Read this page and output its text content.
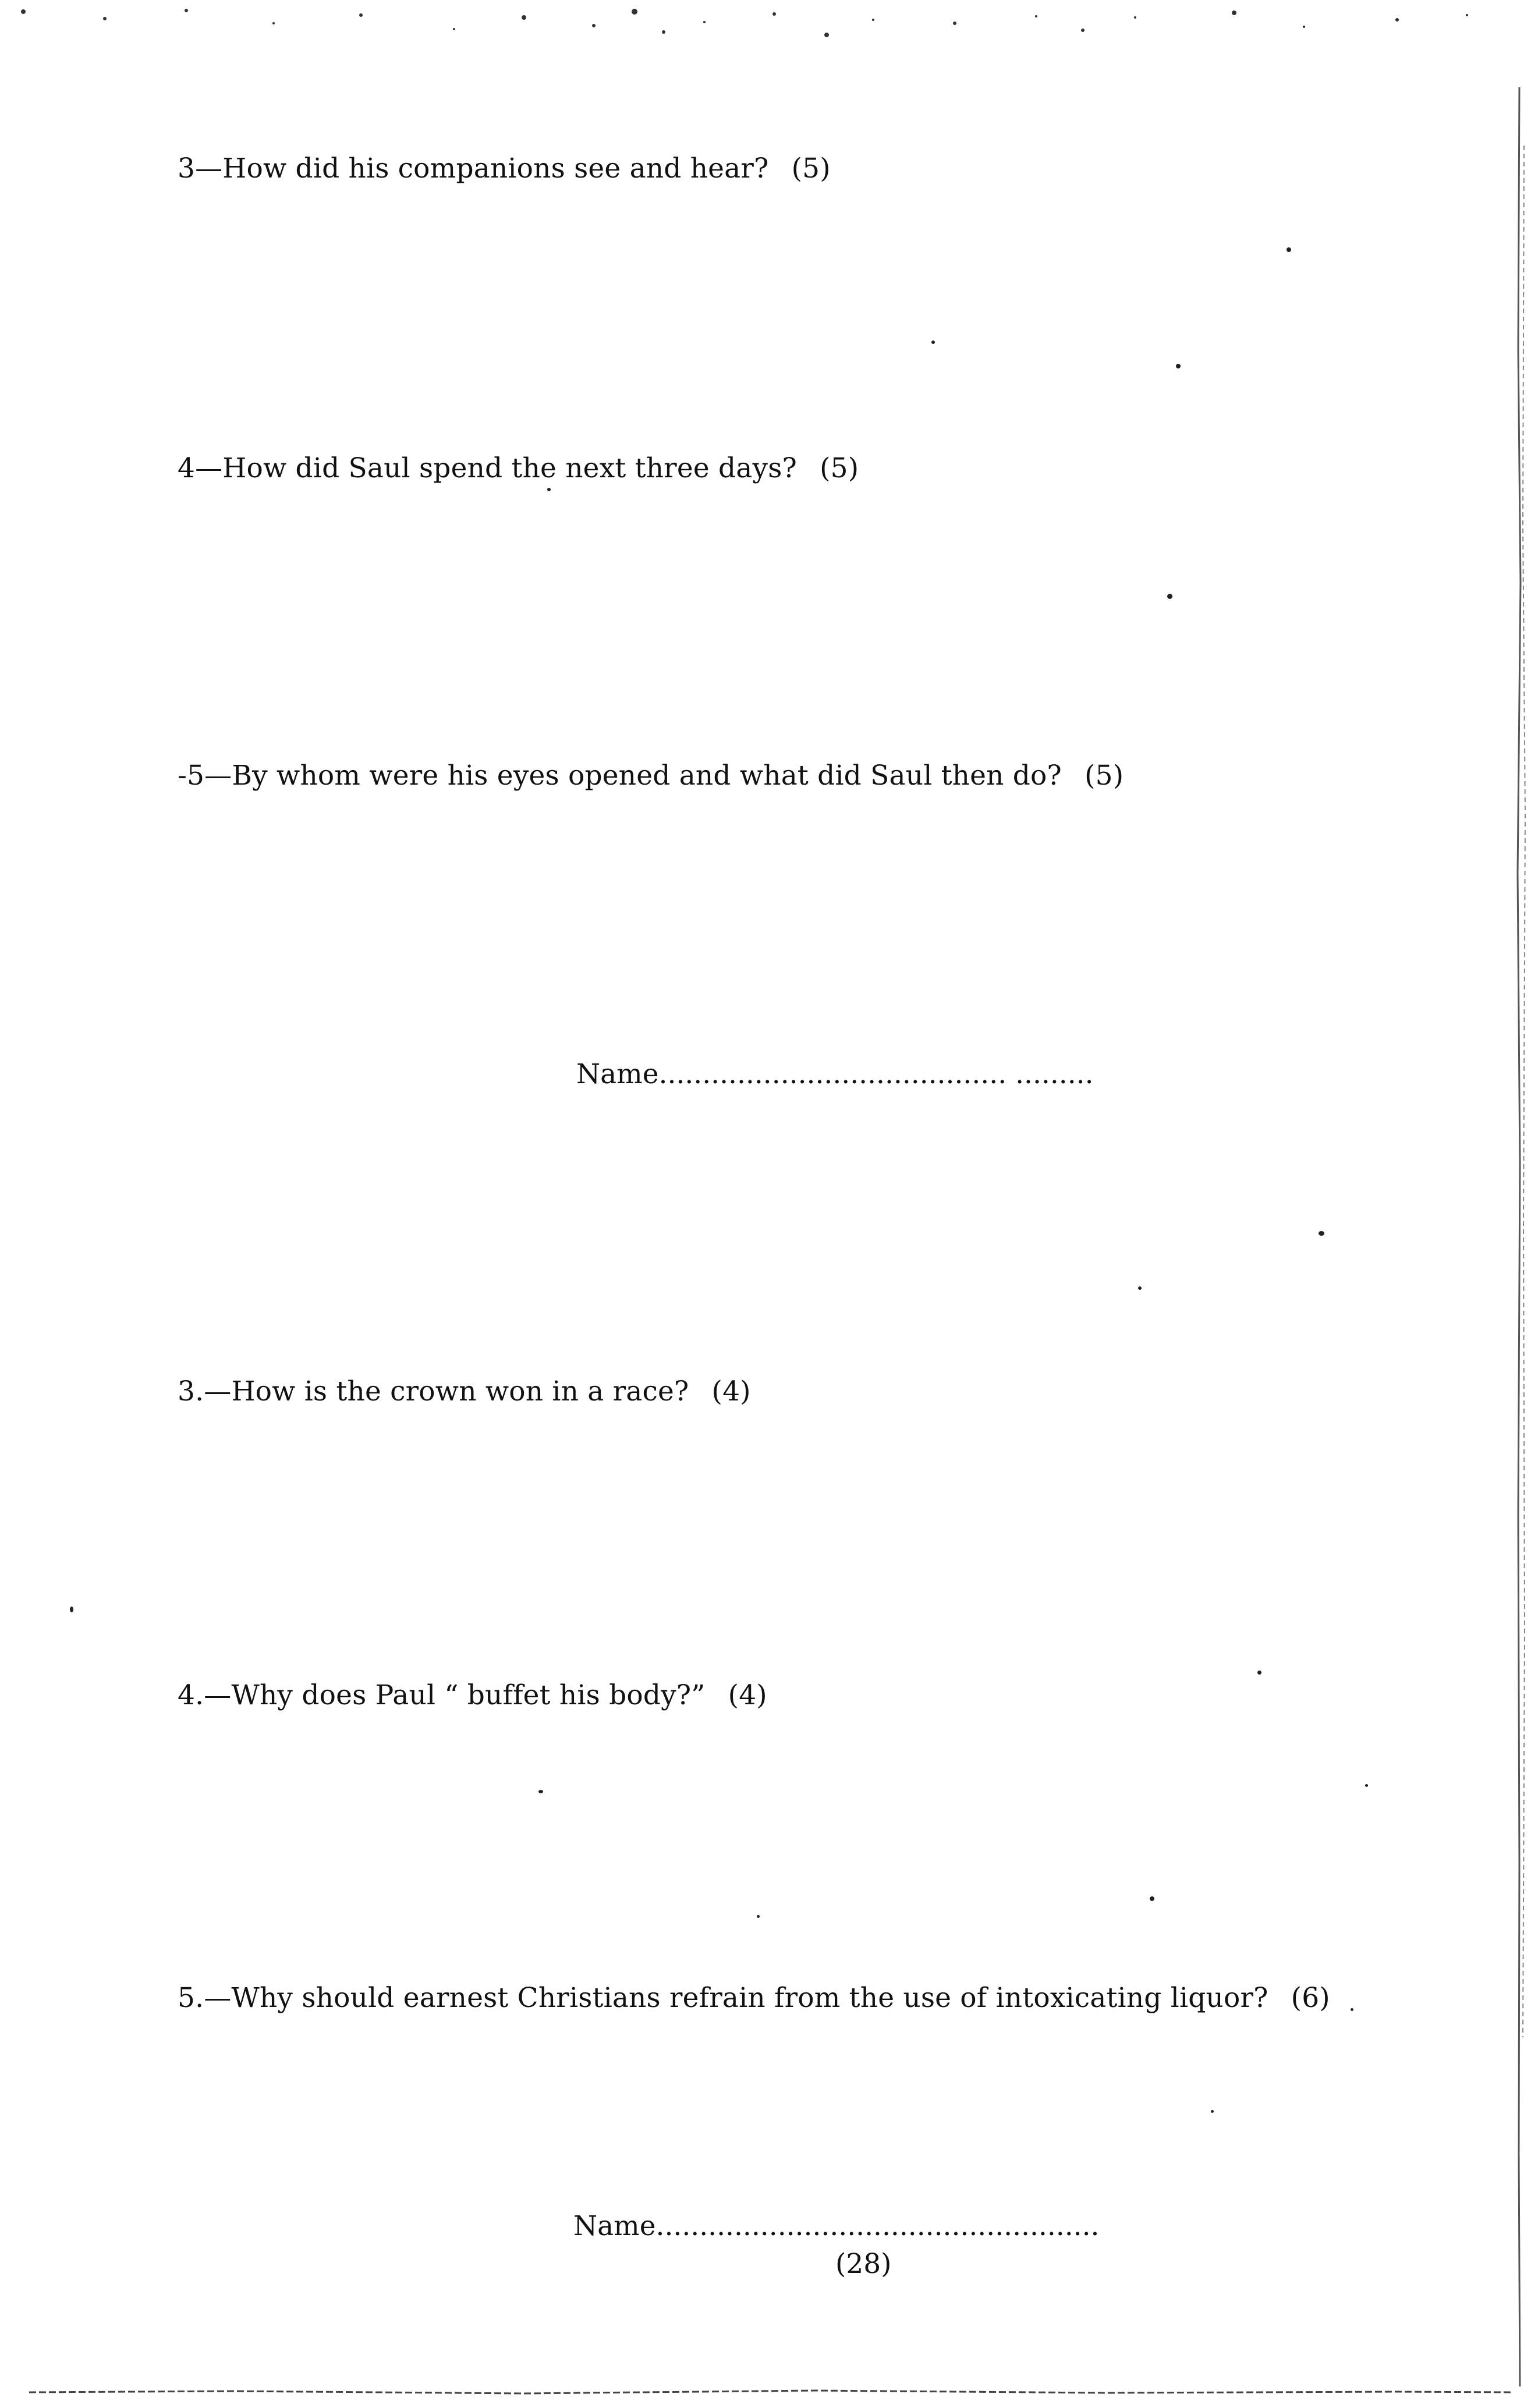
3—How did his companions see and hear? (5)
4—How did Saul spend the next three days? (5)
-5—By whom were his eyes opened and what did Saul then do? (5)
Name........................................ .........
3.—How is the crown won in a race? (4)
4.—Why does Paul “ buffet his body?” (4)
5.—Why should earnest Christians refrain from the use of intoxicating liquor? (6)
Name...................................................
(28)
